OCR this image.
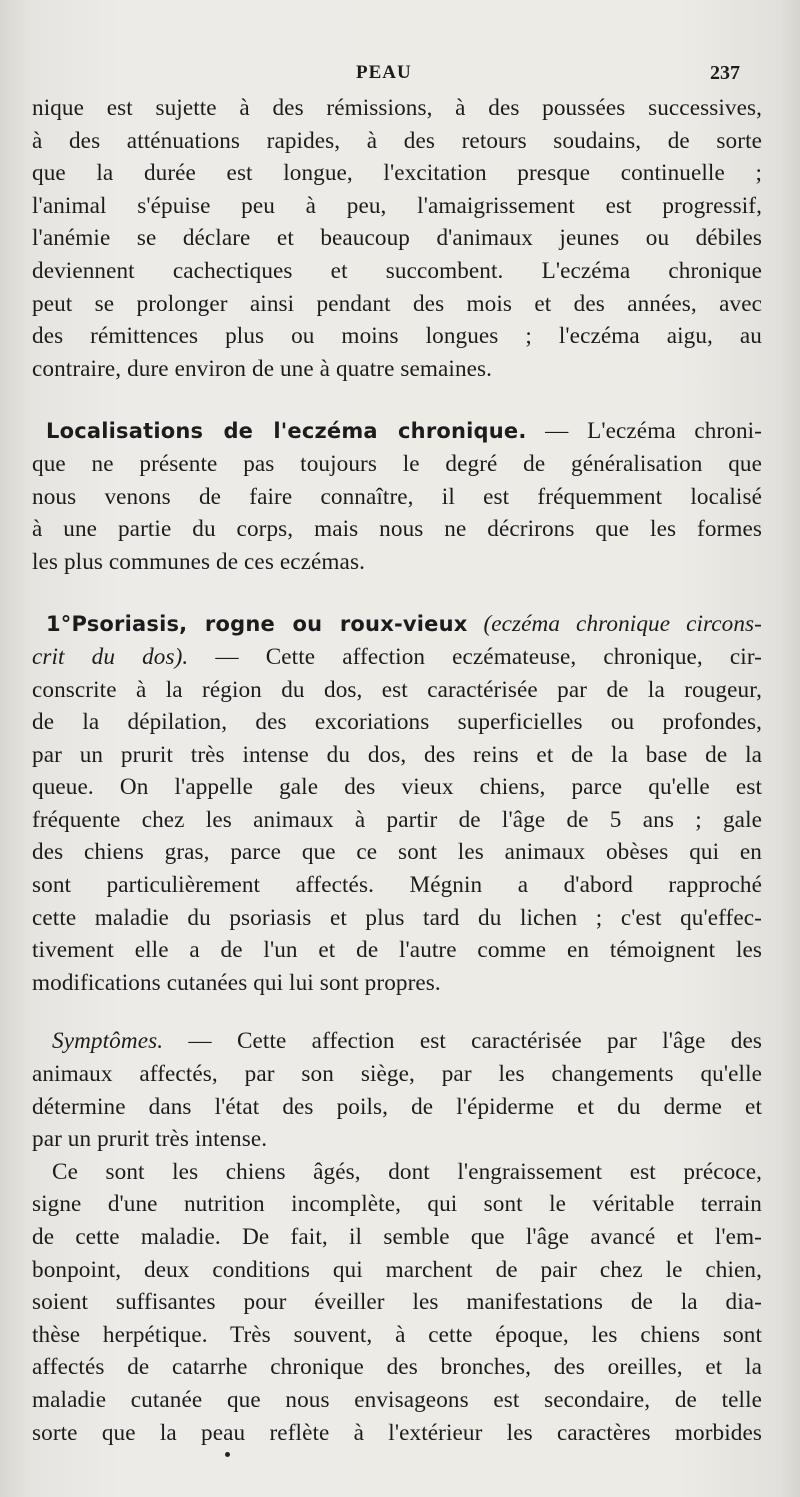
PEAU	237
nique est sujette à des rémissions, à des poussées successives,
à des atténuations rapides, à des retours soudains, de sorte
que la durée est longue, l'excitation presque continuelle ;
l'animal s'épuise peu à peu, l'amaigrissement est progressif,
l'anémie se déclare et beaucoup d'animaux jeunes ou débiles
deviennent cachectiques et succombent. L'eczéma chronique
peut se prolonger ainsi pendant des mois et des années, avec
des rémittences plus ou moins longues ; l'eczéma aigu, au
contraire, dure environ de une à quatre semaines.
Localisations de l'eczéma chronique. — L'eczéma chroni-
que ne présente pas toujours le degré de généralisation que
nous venons de faire connaître, il est fréquemment localisé
à une partie du corps, mais nous ne décrirons que les formes
les plus communes de ces eczémas.
1°Psoriasis, rogne ou roux-vieux (eczéma chronique circons-
crit du dos). — Cette affection eczémateuse, chronique, cir-
conscrite à la région du dos, est caractérisée par de la rougeur,
de la dépilation, des excoriations superficielles ou profondes,
par un prurit très intense du dos, des reins et de la base de la
queue. On l'appelle gale des vieux chiens, parce qu'elle est
fréquente chez les animaux à partir de l'âge de 5 ans ; gale
des chiens gras, parce que ce sont les animaux obèses qui en
sont particulièrement affectés. Mégnin a d'abord rapproché
cette maladie du psoriasis et plus tard du lichen ; c'est qu'effec-
tivement elle a de l'un et de l'autre comme en témoignent les
modifications cutanées qui lui sont propres.
Symptômes. — Cette affection est caractérisée par l'âge des
animaux affectés, par son siège, par les changements qu'elle
détermine dans l'état des poils, de l'épiderme et du derme et
par un prurit très intense.
Ce sont les chiens âgés, dont l'engraissement est précoce,
signe d'une nutrition incomplète, qui sont le véritable terrain
de cette maladie. De fait, il semble que l'âge avancé et l'em-
bonpoint, deux conditions qui marchent de pair chez le chien,
soient suffisantes pour éveiller les manifestations de la dia-
thèse herpétique. Très souvent, à cette époque, les chiens sont
affectés de catarrhe chronique des bronches, des oreilles, et la
maladie cutanée que nous envisageons est secondaire, de telle
sorte que la peau reflète à l'extérieur les caractères morbides
